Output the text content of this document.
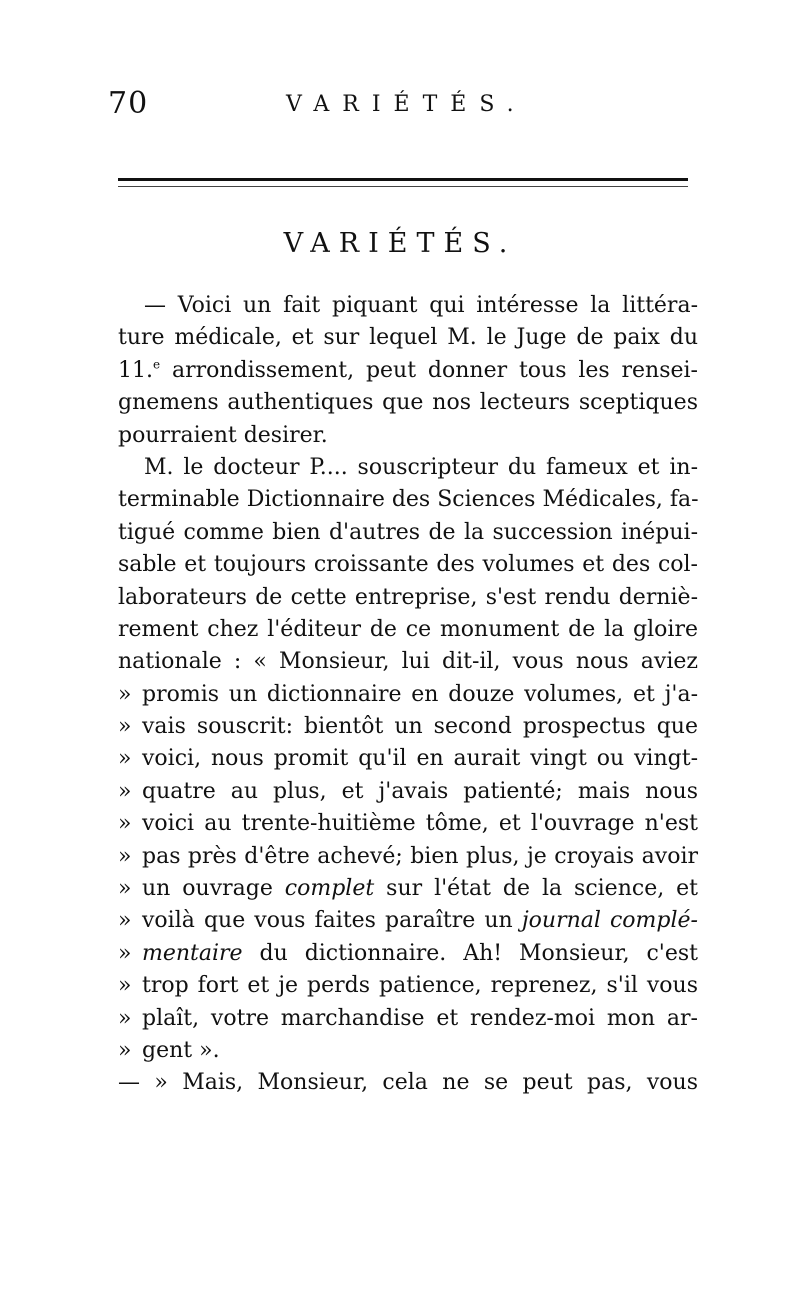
70	VARIÉTÉS.
VARIÉTÉS.
— Voici un fait piquant qui intéresse la littéra-
ture médicale, et sur lequel M. le Juge de paix du
11.$^e$ arrondissement, peut donner tous les rensei-
gnemens authentiques que nos lecteurs sceptiques
pourraient desirer.
M. le docteur P.... souscripteur du fameux et in-
terminable Dictionnaire des Sciences Médicales, fa-
tigué comme bien d'autres de la succession inépui-
sable et toujours croissante des volumes et des col-
laborateurs de cette entreprise, s'est rendu derniè-
rement chez l'éditeur de ce monument de la gloire
nationale : « Monsieur, lui dit-il, vous nous aviez
» promis un dictionnaire en douze volumes, et j'a-
» vais souscrit: bientôt un second prospectus que
» voici, nous promit qu'il en aurait vingt ou vingt-
» quatre au plus, et j'avais patienté; mais nous
» voici au trente-huitième tôme, et l'ouvrage n'est
» pas près d'être achevé; bien plus, je croyais avoir
» un ouvrage complet sur l'état de la science, et
» voilà que vous faites paraître un journal complé-
» mentaire du dictionnaire. Ah! Monsieur, c'est
» trop fort et je perds patience, reprenez, s'il vous
» plaît, votre marchandise et rendez-moi mon ar-
» gent ».
— » Mais, Monsieur, cela ne se peut pas, vous
